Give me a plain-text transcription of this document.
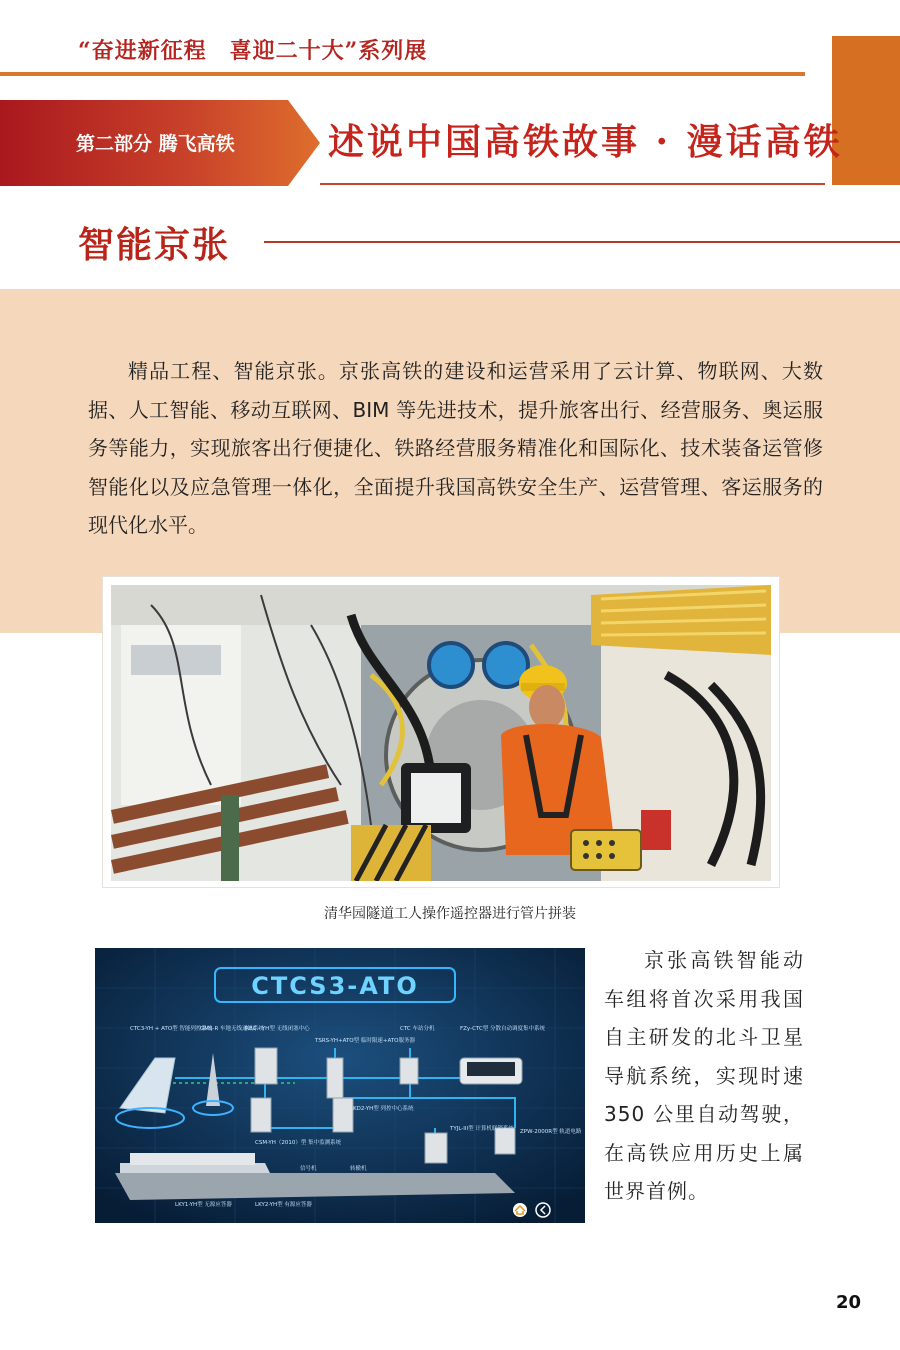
“奋进新征程　喜迎二十大”系列展
第二部分 腾飞高铁	述说中国高铁故事 · 漫话高铁
智能京张
精品工程、智能京张。京张高铁的建设和运营采用了云计算、物联网、大数据、人工智能、移动互联网、BIM 等先进技术，提升旅客出行、经营服务、奥运服务等能力，实现旅客出行便捷化、铁路经营服务精准化和国际化、技术装备运管修智能化以及应急管理一体化，全面提升我国高铁安全生产、运营管理、客运服务的现代化水平。
清华园隧道工人操作遥控器进行管片拼装
CTCS3-ATO
CTC3-YH + ATO型 智能列控系统
GMS-R 车地无线通讯系统
RBC - YH型 无线闭塞中心
TSRS-YH+ATO型 临时限速+ATO服务器
CTC 车站分机	FZy-CTC型 分散自动调度集中系统
CSM-YH（2010）型 集中监测系统
LKD2-YH型 列控中心系统
TYJL-III型 计算机联锁系统 ZPW-2000R型 轨道电路
信号机	转辙机
LKY1-YH型 无源应答器	LKY2-YH型 有源应答器
京张高铁智能动车组将首次采用我国自主研发的北斗卫星导航系统，实现时速 350 公里自动驾驶，在高铁应用历史上属世界首例。
20
